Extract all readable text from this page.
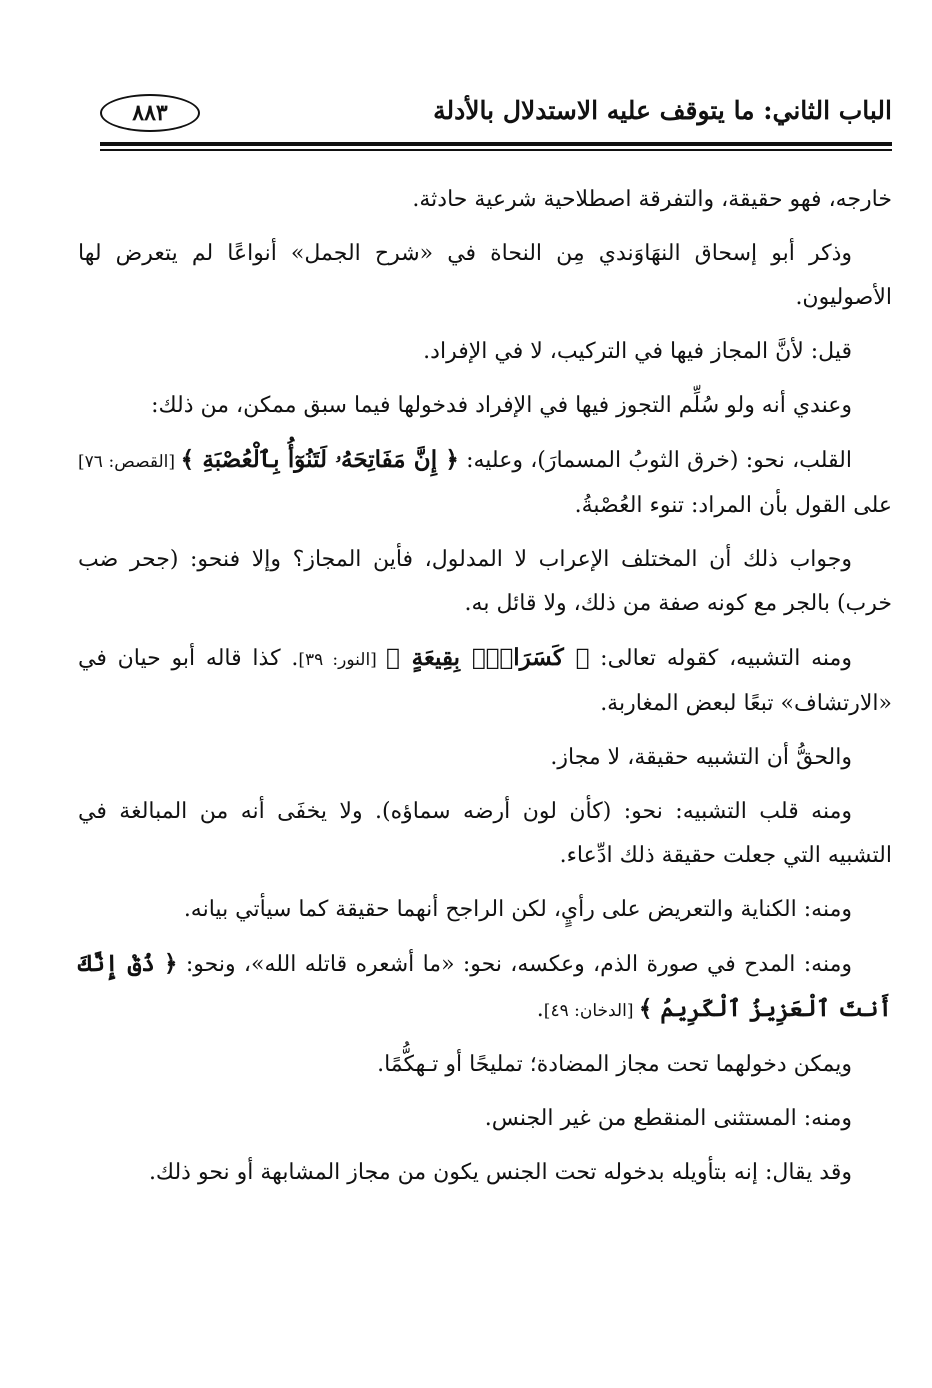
الباب الثاني: ما يتوقف عليه الاستدلال بالأدلة
٨٨٣

خارجه، فهو حقيقة، والتفرقة اصطلاحية شرعية حادثة.

وذكر أبو إسحاق النهَاوَندي مِن النحاة في «شرح الجمل» أنواعًا لم يتعرض لها الأصوليون.

قيل: لأنَّ المجاز فيها في التركيب، لا في الإفراد.

وعندي أنه ولو سُلِّم التجوز فيها في الإفراد فدخولها فيما سبق ممكن، من ذلك:

القلب، نحو: (خرق الثوبُ المسمارَ)، وعليه: ﴿ إِنَّ مَفَاتِحَهُۥ لَتَنُوٓأُ بِٱلْعُصْبَةِ ﴾ [القصص: ٧٦] على القول بأن المراد: تنوء العُصْبةُ.

وجواب ذلك أن المختلف الإعراب لا المدلول، فأين المجاز؟ وإلا فنحو: (جحر ضب خرب) بالجر مع كونه صفة من ذلك، ولا قائل به.

ومنه التشبيه، كقوله تعالى: ﴿ كَسَرَابٍۭ بِقِيعَةٍ ﴾ [النور: ٣٩]. كذا قاله أبو حيان في «الارتشاف» تبعًا لبعض المغاربة.

والحقُّ أن التشبيه حقيقة، لا مجاز.

ومنه قلب التشبيه: نحو: (كأن لون أرضه سماؤه). ولا يخفَى أنه من المبالغة في التشبيه التي جعلت حقيقة ذلك ادِّعاء.

ومنه: الكناية والتعريض على رأيٍ، لكن الراجح أنهما حقيقة كما سيأتي بيانه.

ومنه: المدح في صورة الذم، وعكسه، نحو: «ما أشعره قاتله الله»، ونحو: ﴿ ذُقْ إِنَّكَ أَنتَ ٱلْعَزِيزُ ٱلْكَرِيمُ ﴾ [الدخان: ٤٩].

ويمكن دخولهما تحت مجاز المضادة؛ تمليحًا أو تـهكُّمًا.

ومنه: المستثنى المنقطع من غير الجنس.

وقد يقال: إنه بتأويله بدخوله تحت الجنس يكون من مجاز المشابهة أو نحو ذلك.
